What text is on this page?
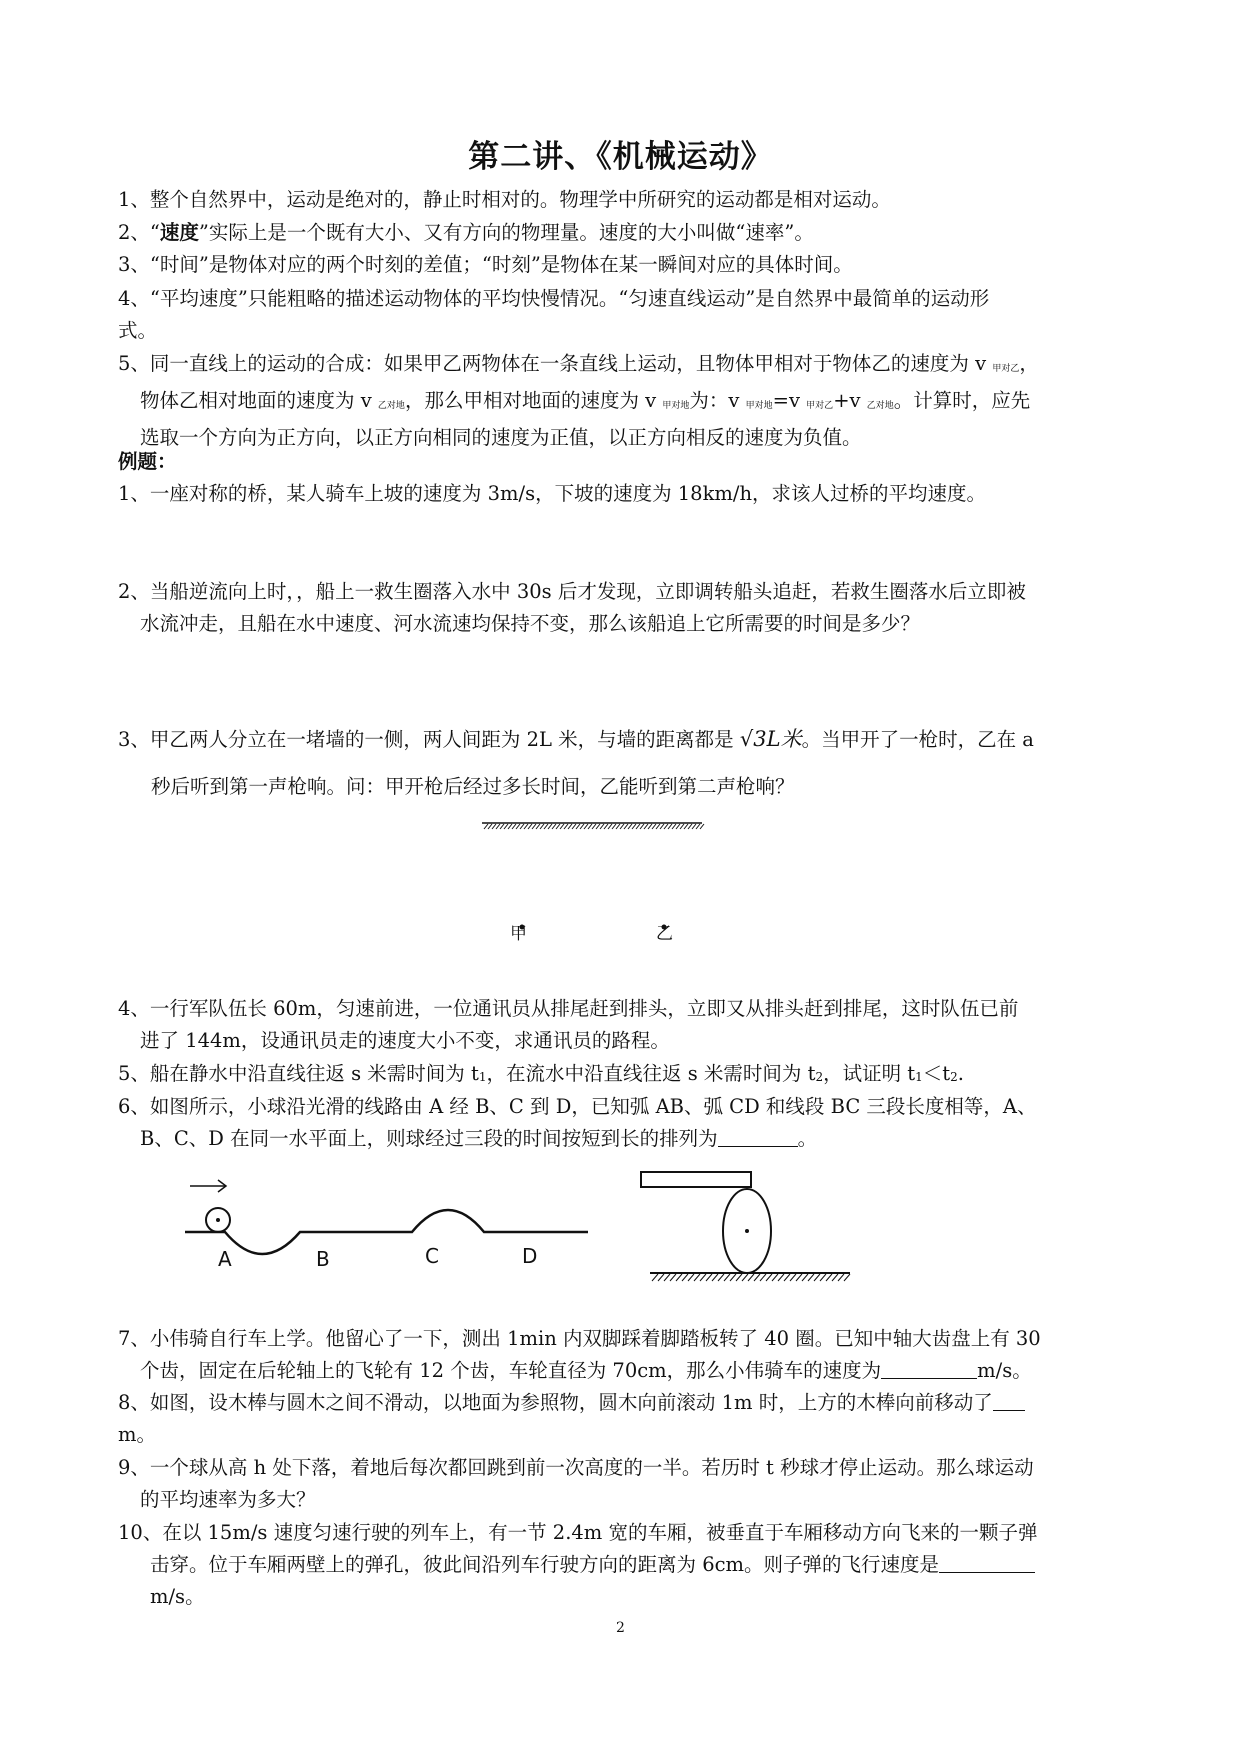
第二讲、《机械运动》
1、整个自然界中，运动是绝对的，静止时相对的。物理学中所研究的运动都是相对运动。
2、“速度”实际上是一个既有大小、又有方向的物理量。速度的大小叫做“速率”。
3、“时间”是物体对应的两个时刻的差值；“时刻”是物体在某一瞬间对应的具体时间。
4、“平均速度”只能粗略的描述运动物体的平均快慢情况。“匀速直线运动”是自然界中最简单的运动形
式。
5、同一直线上的运动的合成：如果甲乙两物体在一条直线上运动，且物体甲相对于物体乙的速度为 v $_{甲对乙}$，

物体乙相对地面的速度为 v $_{乙对地}$，那么甲相对地面的速度为 v $_{甲对地}$为：v $_{甲对地}$=v $_{甲对乙}$+v $_{乙对地}$。计算时，应先
选取一个方向为正方向，以正方向相同的速度为正值，以正方向相反的速度为负值。
例题：
1、一座对称的桥，某人骑车上坡的速度为 3m/s，下坡的速度为 18km/h，求该人过桥的平均速度。
2、当船逆流向上时，，船上一救生圈落入水中 30s 后才发现，立即调转船头追赶，若救生圈落水后立即被

水流冲走，且船在水中速度、河水流速均保持不变，那么该船追上它所需要的时间是多少？
3、甲乙两人分立在一堵墙的一侧，两人间距为 2L 米，与墙的距离都是 √3L米。当甲开了一枪时，乙在 a
秒后听到第一声枪响。问：甲开枪后经过多长时间，乙能听到第二声枪响？
甲	乙
4、一行军队伍长 60m，匀速前进，一位通讯员从排尾赶到排头，立即又从排头赶到排尾，这时队伍已前

进了 144m，设通讯员走的速度大小不变，求通讯员的路程。
5、船在静水中沿直线往返 s 米需时间为 $t_1$，在流水中沿直线往返 s 米需时间为 $t_2$，试证明 $t_1<t_2$.
6、如图所示，小球沿光滑的线路由 A 经 B、C 到 D，已知弧 AB、弧 CD 和线段 BC 三段长度相等，A、

B、C、D 在同一水平面上，则球经过三段的时间按短到长的排列为	。
A	B	C	D
7、小伟骑自行车上学。他留心了一下，测出 1min 内双脚踩着脚踏板转了 40 圈。已知中轴大齿盘上有 30

个齿，固定在后轮轴上的飞轮有 12 个齿，车轮直径为 70cm，那么小伟骑车的速度为	m/s。
8、如图，设木棒与圆木之间不滑动，以地面为参照物，圆木向前滚动 1m 时，上方的木棒向前移动了
m。
9、一个球从高 h 处下落，着地后每次都回跳到前一次高度的一半。若历时 t 秒球才停止运动。那么球运动

的平均速率为多大？
10、在以 15m/s 速度匀速行驶的列车上，有一节 2.4m 宽的车厢，被垂直于车厢移动方向飞来的一颗子弹

击穿。位于车厢两壁上的弹孔，彼此间沿列车行驶方向的距离为 6cm。则子弹的飞行速度是
m/s。
2
